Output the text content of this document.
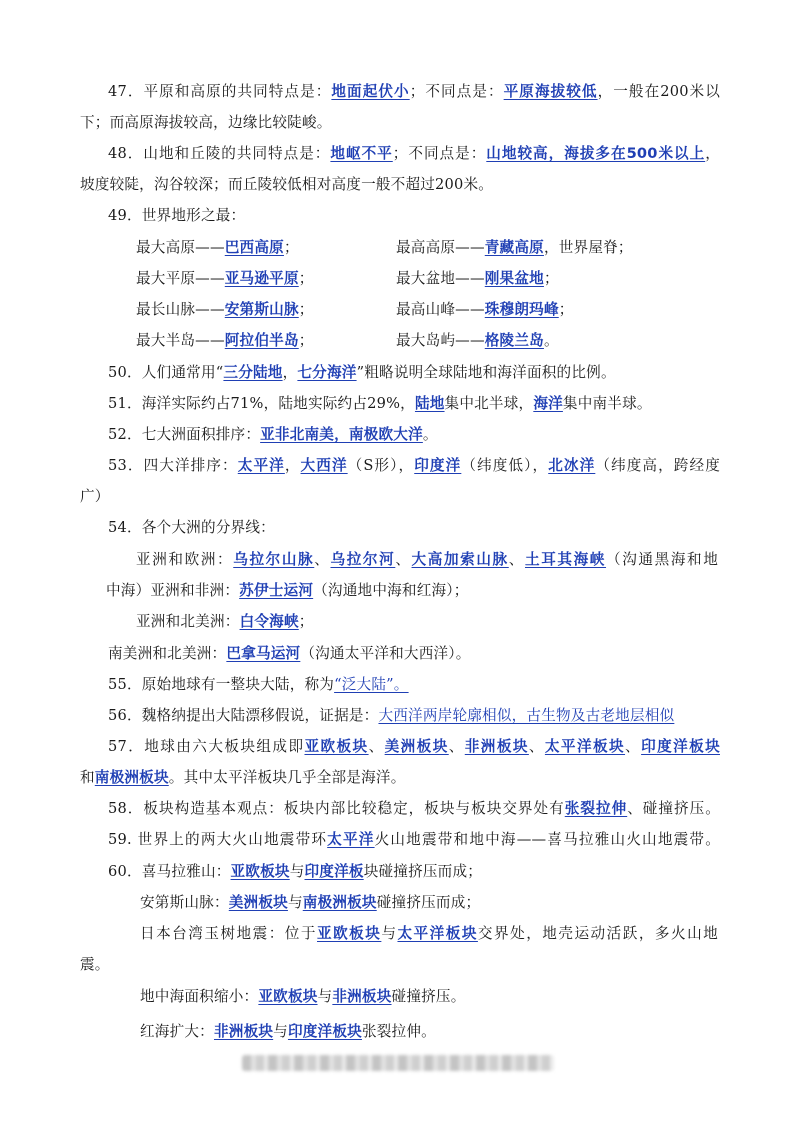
47．平原和高原的共同特点是：地面起伏小；不同点是：平原海拔较低，一般在200米以
下；而高原海拔较高，边缘比较陡峻。
48．山地和丘陵的共同特点是：地岖不平；不同点是：山地较高，海拔多在500米以上，
坡度较陡，沟谷较深；而丘陵较低相对高度一般不超过200米。
49．世界地形之最：
最大高原——巴西高原；	最高高原——青藏高原，世界屋脊；
最大平原——亚马逊平原；	最大盆地——刚果盆地；
最长山脉——安第斯山脉；	最高山峰——珠穆朗玛峰；
最大半岛——阿拉伯半岛；	最大岛屿——格陵兰岛。
50．人们通常用“三分陆地，七分海洋”粗略说明全球陆地和海洋面积的比例。
51．海洋实际约占71%，陆地实际约占29%，陆地集中北半球，海洋集中南半球。
52．七大洲面积排序：亚非北南美，南极欧大洋。
53．四大洋排序：太平洋，大西洋（S形），印度洋（纬度低），北冰洋（纬度高，跨经度
广）
54．各个大洲的分界线：
亚洲和欧洲：乌拉尔山脉、乌拉尔河、大高加索山脉、土耳其海峡（沟通黑海和地
中海）亚洲和非洲：苏伊士运河（沟通地中海和红海）；
亚洲和北美洲：白令海峡；
南美洲和北美洲：巴拿马运河（沟通太平洋和大西洋）。
55．原始地球有一整块大陆，称为“泛大陆”。
56．魏格纳提出大陆漂移假说，证据是：大西洋两岸轮廓相似，古生物及古老地层相似
57．地球由六大板块组成即亚欧板块、美洲板块、非洲板块、太平洋板块、印度洋板块
和南极洲板块。其中太平洋板块几乎全部是海洋。
58．板块构造基本观点：板块内部比较稳定，板块与板块交界处有张裂拉伸、碰撞挤压。
59. 世界上的两大火山地震带环太平洋火山地震带和地中海——喜马拉雅山火山地震带。
60．喜马拉雅山：亚欧板块与印度洋板块碰撞挤压而成；
安第斯山脉：美洲板块与南极洲板块碰撞挤压而成；
日本台湾玉树地震：位于亚欧板块与太平洋板块交界处，地壳运动活跃，多火山地
震。
地中海面积缩小：亚欧板块与非洲板块碰撞挤压。
红海扩大：非洲板块与印度洋板块张裂拉伸。
